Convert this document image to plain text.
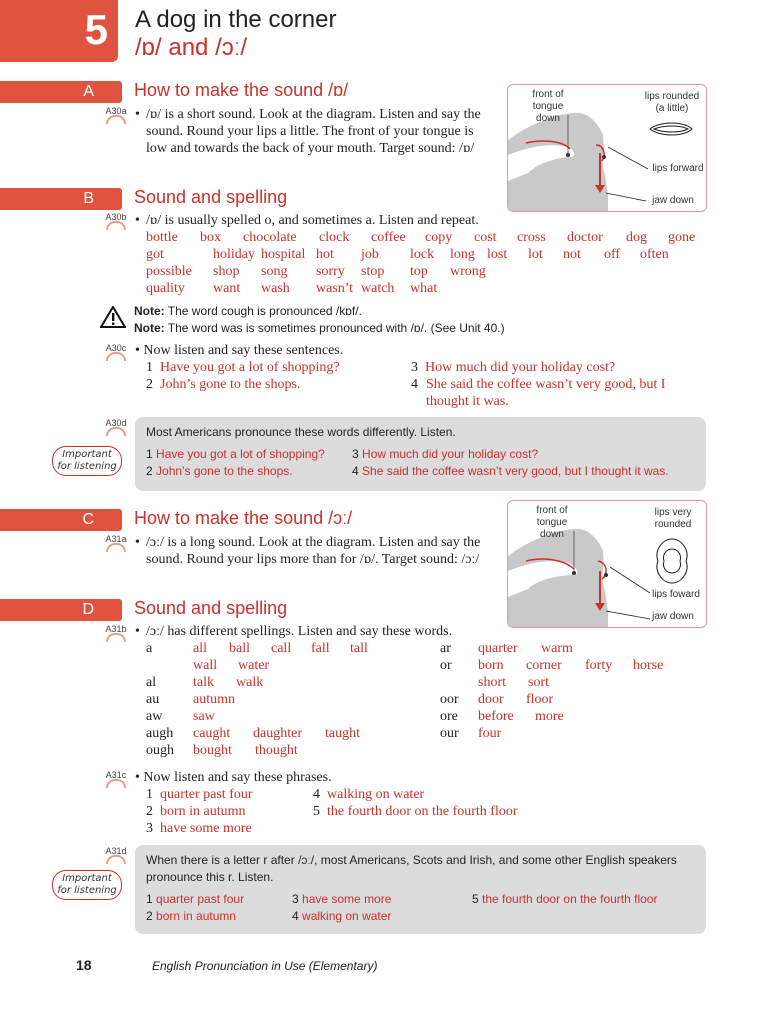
5 A dog in the corner
/ɒ/ and /ɔː/
A	How to make the sound /ɒ/
A30a • /ɒ/ is a short sound. Look at the diagram. Listen and say the sound. Round your lips a little. The front of your tongue is low and towards the back of your mouth. Target sound: /ɒ/
front of tongue down
lips rounded (a little)
lips forward
jaw down
B	Sound and spelling
A30b • /ɒ/ is usually spelled o, and sometimes a. Listen and repeat.
bottle box chocolate clock coffee copy cost cross doctor dog gone
got	holiday hospital hot job lock long lost lot not off often
possible shop song sorry stop top wrong
quality want wash wasn’t watch what
Note: The word cough is pronounced /kɒf/.
Note: The word was is sometimes pronounced with /ɒ/. (See Unit 40.)
A30c • Now listen and say these sentences.
1 Have you got a lot of shopping?
2 John’s gone to the shops.
3 How much did your holiday cost?
4 She said the coffee wasn’t very good, but I thought it was.
A30d
Important for listening
Most Americans pronounce these words differently. Listen.
1 Have you got a lot of shopping?
2 John’s gone to the shops.
3 How much did your holiday cost?
4 She said the coffee wasn’t very good, but I thought it was.
C	How to make the sound /ɔː/
A31a • /ɔː/ is a long sound. Look at the diagram. Listen and say the sound. Round your lips more than for /ɒ/. Target sound: /ɔː/
front of tongue down
lips very rounded
lips foward
jaw down
D	Sound and spelling
A31b • /ɔː/ has different spellings. Listen and say these words.
a	all ball call fall tall
wall water
al	talk walk
au autumn
aw saw
augh caught daughter taught
ough bought thought
ar quarter warm
or born corner forty horse
short sort
oor door floor
ore before more
our four
A31c • Now listen and say these phrases.
1 quarter past four
2 born in autumn
3 have some more
4 walking on water
5 the fourth door on the fourth floor
A31d
Important for listening
When there is a letter r after /ɔː/, most Americans, Scots and Irish, and some other English speakers pronounce this r. Listen.
1 quarter past four
2 born in autumn
3 have some more
4 walking on water
5 the fourth door on the fourth floor
18	English Pronunciation in Use (Elementary)
